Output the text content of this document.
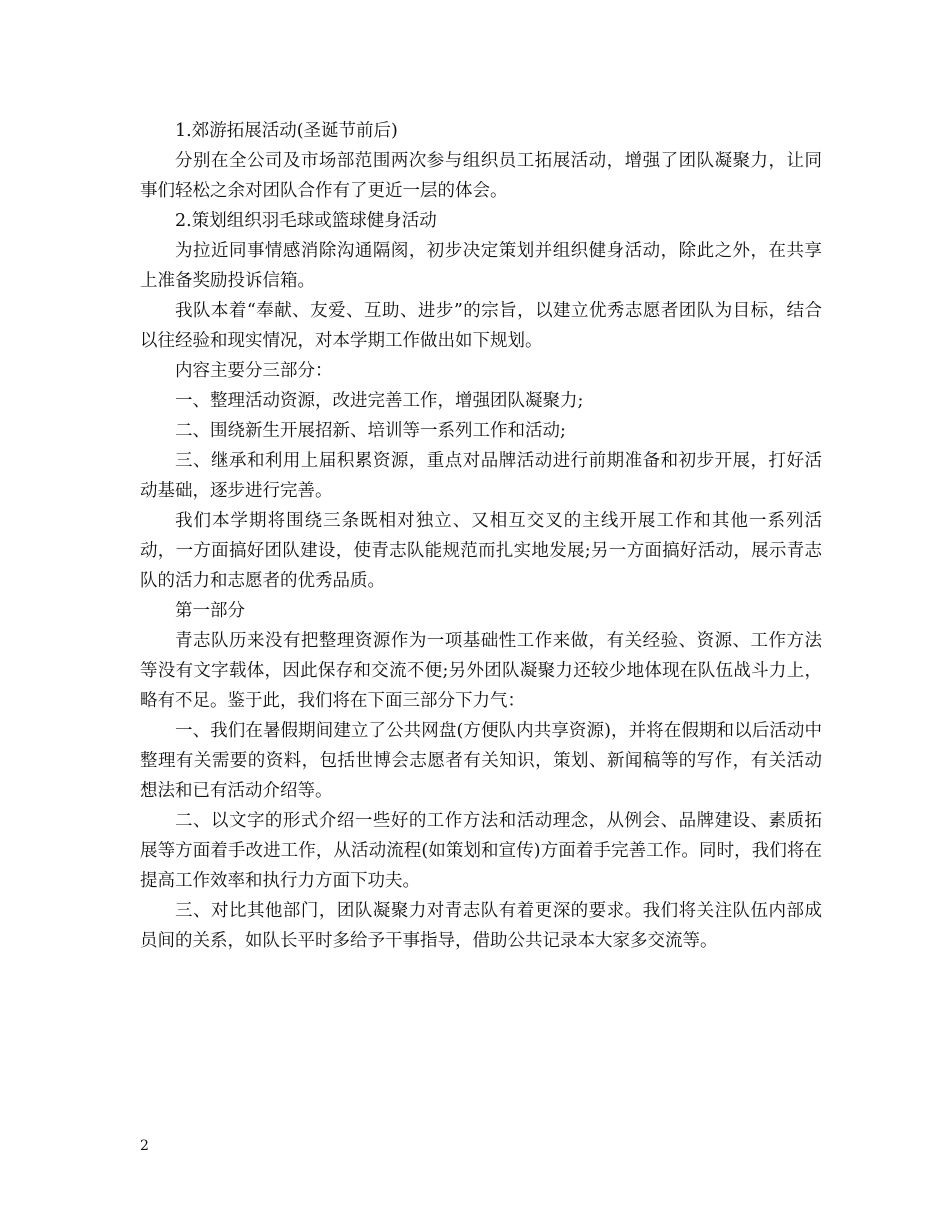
1.郊游拓展活动(圣诞节前后)

分别在全公司及市场部范围两次参与组织员工拓展活动，增强了团队凝聚力，让同事们轻松之余对团队合作有了更近一层的体会。

2.策划组织羽毛球或篮球健身活动

为拉近同事情感消除沟通隔阂，初步决定策划并组织健身活动，除此之外，在共享上准备奖励投诉信箱。

我队本着“奉献、友爱、互助、进步”的宗旨，以建立优秀志愿者团队为目标，结合以往经验和现实情况，对本学期工作做出如下规划。

内容主要分三部分：

一、整理活动资源，改进完善工作，增强团队凝聚力;

二、围绕新生开展招新、培训等一系列工作和活动;

三、继承和利用上届积累资源，重点对品牌活动进行前期准备和初步开展，打好活动基础，逐步进行完善。

我们本学期将围绕三条既相对独立、又相互交叉的主线开展工作和其他一系列活动，一方面搞好团队建设，使青志队能规范而扎实地发展;另一方面搞好活动，展示青志队的活力和志愿者的优秀品质。

第一部分

青志队历来没有把整理资源作为一项基础性工作来做，有关经验、资源、工作方法等没有文字载体，因此保存和交流不便;另外团队凝聚力还较少地体现在队伍战斗力上，略有不足。鉴于此，我们将在下面三部分下力气：

一、我们在暑假期间建立了公共网盘(方便队内共享资源)，并将在假期和以后活动中整理有关需要的资料，包括世博会志愿者有关知识，策划、新闻稿等的写作，有关活动想法和已有活动介绍等。

二、以文字的形式介绍一些好的工作方法和活动理念，从例会、品牌建设、素质拓展等方面着手改进工作，从活动流程(如策划和宣传)方面着手完善工作。同时，我们将在提高工作效率和执行力方面下功夫。

三、对比其他部门，团队凝聚力对青志队有着更深的要求。我们将关注队伍内部成员间的关系，如队长平时多给予干事指导，借助公共记录本大家多交流等。

2
